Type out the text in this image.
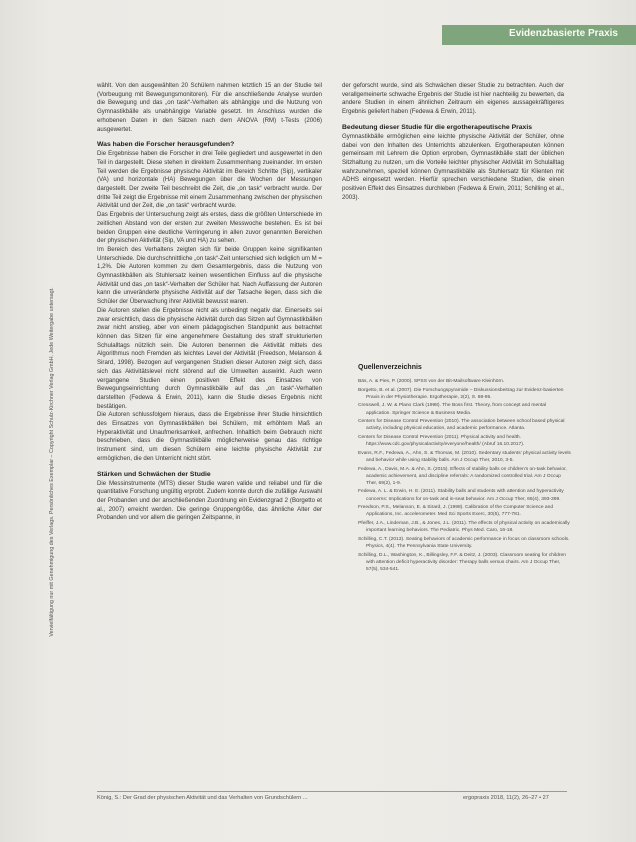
Evidenzbasierte Praxis
Vervielfältigung nur mit Genehmigung des Verlags. Persönliches Exemplar – Copyright Schulz-Kirchner Verlag GmbH. Jede Weitergabe untersagt.

wählt. Von den ausgewählten 20 Schülern nahmen letztlich 15 an der Studie teil (Vorbeugung mit Bewegungsmonitoren). Für die anschließende Analyse wurden die Bewegung und das „on task“-Verhalten als abhängige und die Nutzung von Gymnastikbälle als unabhängige Variable gesetzt. Im Anschluss wurden die erhobenen Daten in den Sätzen nach dem ANOVA (RM) t-Tests (2006) ausgewertet.

Was haben die Forscher herausgefunden?

Die Ergebnisse haben die Forscher in drei Teile gegliedert und ausgewertet in den Teil in dargestellt. Diese stehen in direktem Zusammenhang zueinander. Im ersten Teil werden die Ergebnisse physische Aktivität im Bereich Schritte (Sip), vertikaler (VA) und horizontale (HA) Bewegungen über die Wochen der Messungen dargestellt. Der zweite Teil beschreibt die Zeit, die „on task“ verbracht wurde. Der dritte Teil zeigt die Ergebnisse mit einem Zusammenhang zwischen der physischen Aktivität und der Zeit, die „on task“ verbracht wurde.

Das Ergebnis der Untersuchung zeigt als erstes, dass die größten Unterschiede im zeitlichen Abstand von der ersten zur zweiten Messwoche bestehen. Es ist bei beiden Gruppen eine deutliche Verringerung in allen zuvor genannten Bereichen der physischen Aktivität (Sip, VA und HA) zu sehen.

Im Bereich des Verhaltens zeigten sich für beide Gruppen keine signifikanten Unterschiede. Die durchschnittliche „on task“-Zeit unterschied sich lediglich um M = 1,2%. Die Autoren kommen zu dem Gesamtergebnis, dass die Nutzung von Gymnastikbällen als Stuhlersatz keinen wesentlichen Einfluss auf die physische Aktivität und das „on task“-Verhalten der Schüler hat. Nach Auffassung der Autoren kann die unveränderte physische Aktivität auf der Tatsache liegen, dass sich die Schüler der Überwachung ihrer Aktivität bewusst waren.

Die Autoren stellen die Ergebnisse nicht als unbedingt negativ dar. Einerseits sei zwar ersichtlich, dass die physische Aktivität durch das Sitzen auf Gymnastikbällen zwar nicht anstieg, aber von einem pädagogischen Standpunkt aus betrachtet können das Sitzen für eine angenehmere Gestaltung des straff strukturierten Schulalltags nützlich sein. Die Autoren benennen die Aktivität mittels des Algorithmus noch Fremden als leichtes Level der Aktivität (Freedson, Melanson & Sirard, 1998). Bezogen auf vergangenen Studien dieser Autoren zeigt sich, dass sich das Aktivitätslevel nicht störend auf die Umwelten auswirkt. Auch wenn vergangene Studien einen positiven Effekt des Einsatzes von Bewegungseinrichtung durch Gymnastikbälle auf das „on task“-Verhalten darstellten (Fedewa & Erwin, 2011), kann die Studie dieses Ergebnis nicht bestätigen.

Die Autoren schlussfolgern hieraus, dass die Ergebnisse ihrer Studie hinsichtlich des Einsatzes von Gymnastikbällen bei Schülern, mit erhöhtem Maß an Hyperaktivität und Unaufmerksamkeit, anfrechen. Inhaltlich beim Gebrauch nicht beschrieben, dass die Gymnastikbälle möglicherweise genau das richtige Instrument sind, um diesen Schülern eine leichte physische Aktivität zur ermöglichen, die den Unterricht nicht stört.

Stärken und Schwächen der Studie

Die Messinstrumente (MTS) dieser Studie waren valide und reliabel und für die quantitative Forschung ungültig erprobt. Zudem konnte durch die zufällige Auswahl der Probanden und der anschließenden Zuordnung ein Evidenzgrad 2 (Borgetto et al., 2007) erreicht werden. Die geringe Gruppengröße, das ähnliche Alter der Probanden und vor allem die geringen Zeitspanne, in

der geforscht wurde, sind als Schwächen dieser Studie zu betrachten. Auch der verallgemeinerte schwache Ergebnis der Studie ist hier nachteilig zu bewerten, da andere Studien in einem ähnlichen Zeitraum ein eigenes aussagekräftigeres Ergebnis geliefert haben (Fedewa & Erwin, 2011).

Bedeutung dieser Studie für die ergotherapeutische Praxis

Gymnastikbälle ermöglichen eine leichte physische Aktivität der Schüler, ohne dabei von den Inhalten des Unterrichts abzulenken. Ergotherapeuten können gemeinsam mit Lehrern die Option erproben, Gymnastikbälle statt der üblichen Sitzhaltung zu nutzen, um die Vorteile leichter physischer Aktivität im Schulalltag wahrzunehmen, speziell können Gymnastikbälle als Stuhlersatz für Klienten mit ADHS eingesetzt werden. Hierfür sprechen verschiedene Studien, die einen positiven Effekt des Einsatzes durchleben (Fedewa & Erwin, 2011; Schilling et al., 2003).

Quellenverzeichnis
Bäs, A. & Pies, P. (2000). SPSS von der Bit-Mailsoftware Kleinhörn.
Borgetto, B. et al. (2007). Die Forschungspyramide – Diskussionsbeitrag zur Evidenz-basierten Praxis in der Physiotherapie. Ergotherapie, 2(2), S. 88-95.
Cresswell, J. W. & Plano Clark (1998). The Boss first. Theory, from concept and mental application. Springer Science & Business Media.
Centers for Disease Control Prevention (2010). The association between school based physical activity, including physical education, and academic performance. Atlanta.
Centers for Disease Control Prevention (2011). Physical activity and health. https://www.cdc.gov/physicalactivity/everyone/health/ (Abruf 16.10.2017).
Evans, R.F., Fedewa, A., Ahn, S. & Thomas, M. (2010). Sedentary students' physical activity levels and behavior while using stability balls. Am J Occup Ther, 2010, 3-5.
Fedewa, A., Davis, M.A. & Ahn, S. (2015). Effects of stability balls on children's on-task behavior, academic achievement, and discipline referrals: A randomized controlled trial. Am J Occup Ther, 69(2), 1-9.
Fedewa, A. L. & Erwin, H. E. (2011). Stability balls and students with attention and hyperactivity concerns: Implications for on-task and in-seat behavior. Am J Occup Ther, 65(4), 393-399.
Freedson, P.S., Melanson, E. & Sirard, J. (1998). Calibration of the Computer Science and Applications, Inc. accelerometer. Med Sci Sports Exerc, 30(5), 777-781.
Pfeiffer, J.A., Lindeman, J.B., & Jones, J.L. (2011). The effects of physical activity on academically important learning behaviors. The Pediatric. Phys Med. Caro, 16-18.
Schilling, C.T. (2013). Seating behaviors of academic performance in focus on classroom schools. Physics, 4(4). The Pennsylvania State University.
Schilling, D.L., Washington, K., Billingsley, F.F. & Deitz, J. (2003). Classroom seating for children with attention deficit hyperactivity disorder: Therapy balls versus chairs. Am J Occup Ther, 57(5), 534-541.
König, S.: Der Grad der physischen Aktivität und das Verhalten von Grundschülern ...	ergopraxis 2018, 11(2), 26–27 • 27
